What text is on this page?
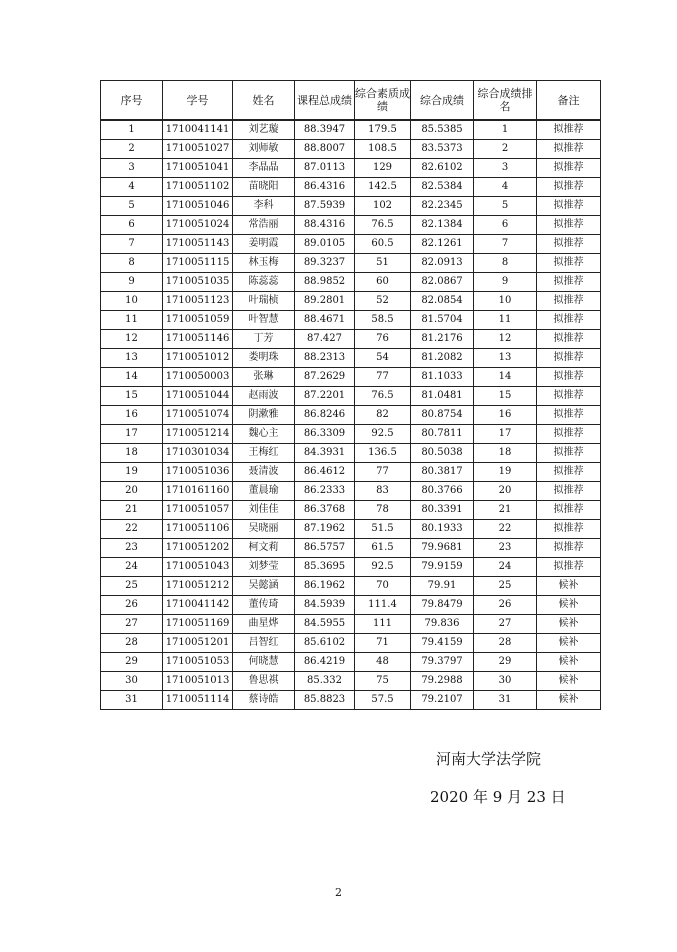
序号	学号	姓名	课程总成绩	综合素质成绩	综合成绩	综合成绩排名	备注
1	1710041141	刘艺璇	88.3947	179.5	85.5385	1	拟推荐
2	1710051027	刘师敏	88.8007	108.5	83.5373	2	拟推荐
3	1710051041	李晶晶	87.0113	129	82.6102	3	拟推荐
4	1710051102	苗晓阳	86.4316	142.5	82.5384	4	拟推荐
5	1710051046	李科	87.5939	102	82.2345	5	拟推荐
6	1710051024	常浩丽	88.4316	76.5	82.1384	6	拟推荐
7	1710051143	姜明霞	89.0105	60.5	82.1261	7	拟推荐
8	1710051115	林玉梅	89.3237	51	82.0913	8	拟推荐
9	1710051035	陈蕊蕊	88.9852	60	82.0867	9	拟推荐
10	1710051123	叶瑞桢	89.2801	52	82.0854	10	拟推荐
11	1710051059	叶智慧	88.4671	58.5	81.5704	11	拟推荐
12	1710051146	丁芳	87.427	76	81.2176	12	拟推荐
13	1710051012	娄明珠	88.2313	54	81.2082	13	拟推荐
14	1710050003	张琳	87.2629	77	81.1033	14	拟推荐
15	1710051044	赵雨波	87.2201	76.5	81.0481	15	拟推荐
16	1710051074	阴漱雅	86.8246	82	80.8754	16	拟推荐
17	1710051214	魏心主	86.3309	92.5	80.7811	17	拟推荐
18	1710301034	王梅红	84.3931	136.5	80.5038	18	拟推荐
19	1710051036	聂清波	86.4612	77	80.3817	19	拟推荐
20	1710161160	董晨瑜	86.2333	83	80.3766	20	拟推荐
21	1710051057	刘佳佳	86.3768	78	80.3391	21	拟推荐
22	1710051106	吴晓丽	87.1962	51.5	80.1933	22	拟推荐
23	1710051202	柯文莉	86.5757	61.5	79.9681	23	拟推荐
24	1710051043	刘梦莹	85.3695	92.5	79.9159	24	拟推荐
25	1710051212	吴懿涵	86.1962	70	79.91	25	候补
26	1710041142	董传琦	84.5939	111.4	79.8479	26	候补
27	1710051169	曲星烨	84.5955	111	79.836	27	候补
28	1710051201	吕智红	85.6102	71	79.4159	28	候补
29	1710051053	何晓慧	86.4219	48	79.3797	29	候补
30	1710051013	鲁思祺	85.332	75	79.2988	30	候补
31	1710051114	蔡诗皓	85.8823	57.5	79.2107	31	候补
河南大学法学院
2020 年 9 月 23 日
2
